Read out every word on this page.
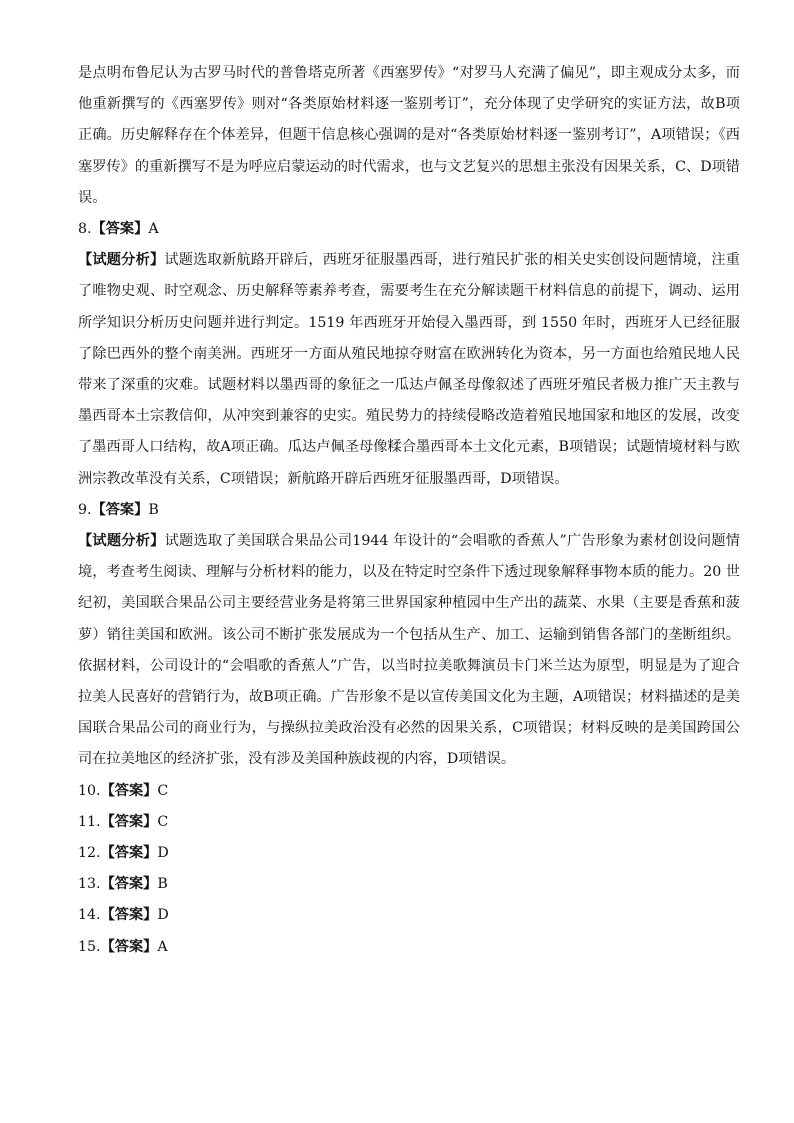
是点明布鲁尼认为古罗马时代的普鲁塔克所著《西塞罗传》“对罗马人充满了偏见”，即主观成分太多，而他重新撰写的《西塞罗传》则对“各类原始材料逐一鉴别考订”，充分体现了史学研究的实证方法，故B项正确。历史解释存在个体差异，但题干信息核心强调的是对“各类原始材料逐一鉴别考订”，A项错误；《西塞罗传》的重新撰写不是为呼应启蒙运动的时代需求，也与文艺复兴的思想主张没有因果关系，C、D项错误。

8.【答案】A

【试题分析】试题选取新航路开辟后，西班牙征服墨西哥，进行殖民扩张的相关史实创设问题情境，注重了唯物史观、时空观念、历史解释等素养考查，需要考生在充分解读题干材料信息的前提下，调动、运用所学知识分析历史问题并进行判定。1519 年西班牙开始侵入墨西哥，到 1550 年时，西班牙人已经征服了除巴西外的整个南美洲。西班牙一方面从殖民地掠夺财富在欧洲转化为资本，另一方面也给殖民地人民带来了深重的灾难。试题材料以墨西哥的象征之一瓜达卢佩圣母像叙述了西班牙殖民者极力推广天主教与墨西哥本土宗教信仰，从冲突到兼容的史实。殖民势力的持续侵略改造着殖民地国家和地区的发展，改变了墨西哥人口结构，故A项正确。瓜达卢佩圣母像糅合墨西哥本土文化元素，B项错误；试题情境材料与欧洲宗教改革没有关系，C项错误；新航路开辟后西班牙征服墨西哥，D项错误。

9.【答案】B

【试题分析】试题选取了美国联合果品公司1944 年设计的“会唱歌的香蕉人”广告形象为素材创设问题情境，考查考生阅读、理解与分析材料的能力，以及在特定时空条件下透过现象解释事物本质的能力。20 世纪初，美国联合果品公司主要经营业务是将第三世界国家种植园中生产出的蔬菜、水果（主要是香蕉和菠萝）销往美国和欧洲。该公司不断扩张发展成为一个包括从生产、加工、运输到销售各部门的垄断组织。依据材料，公司设计的“会唱歌的香蕉人”广告，以当时拉美歌舞演员卡门米兰达为原型，明显是为了迎合拉美人民喜好的营销行为，故B项正确。广告形象不是以宣传美国文化为主题，A项错误；材料描述的是美国联合果品公司的商业行为，与操纵拉美政治没有必然的因果关系，C项错误；材料反映的是美国跨国公司在拉美地区的经济扩张，没有涉及美国种族歧视的内容，D项错误。

10.【答案】C

11.【答案】C

12.【答案】D

13.【答案】B

14.【答案】D

15.【答案】A
